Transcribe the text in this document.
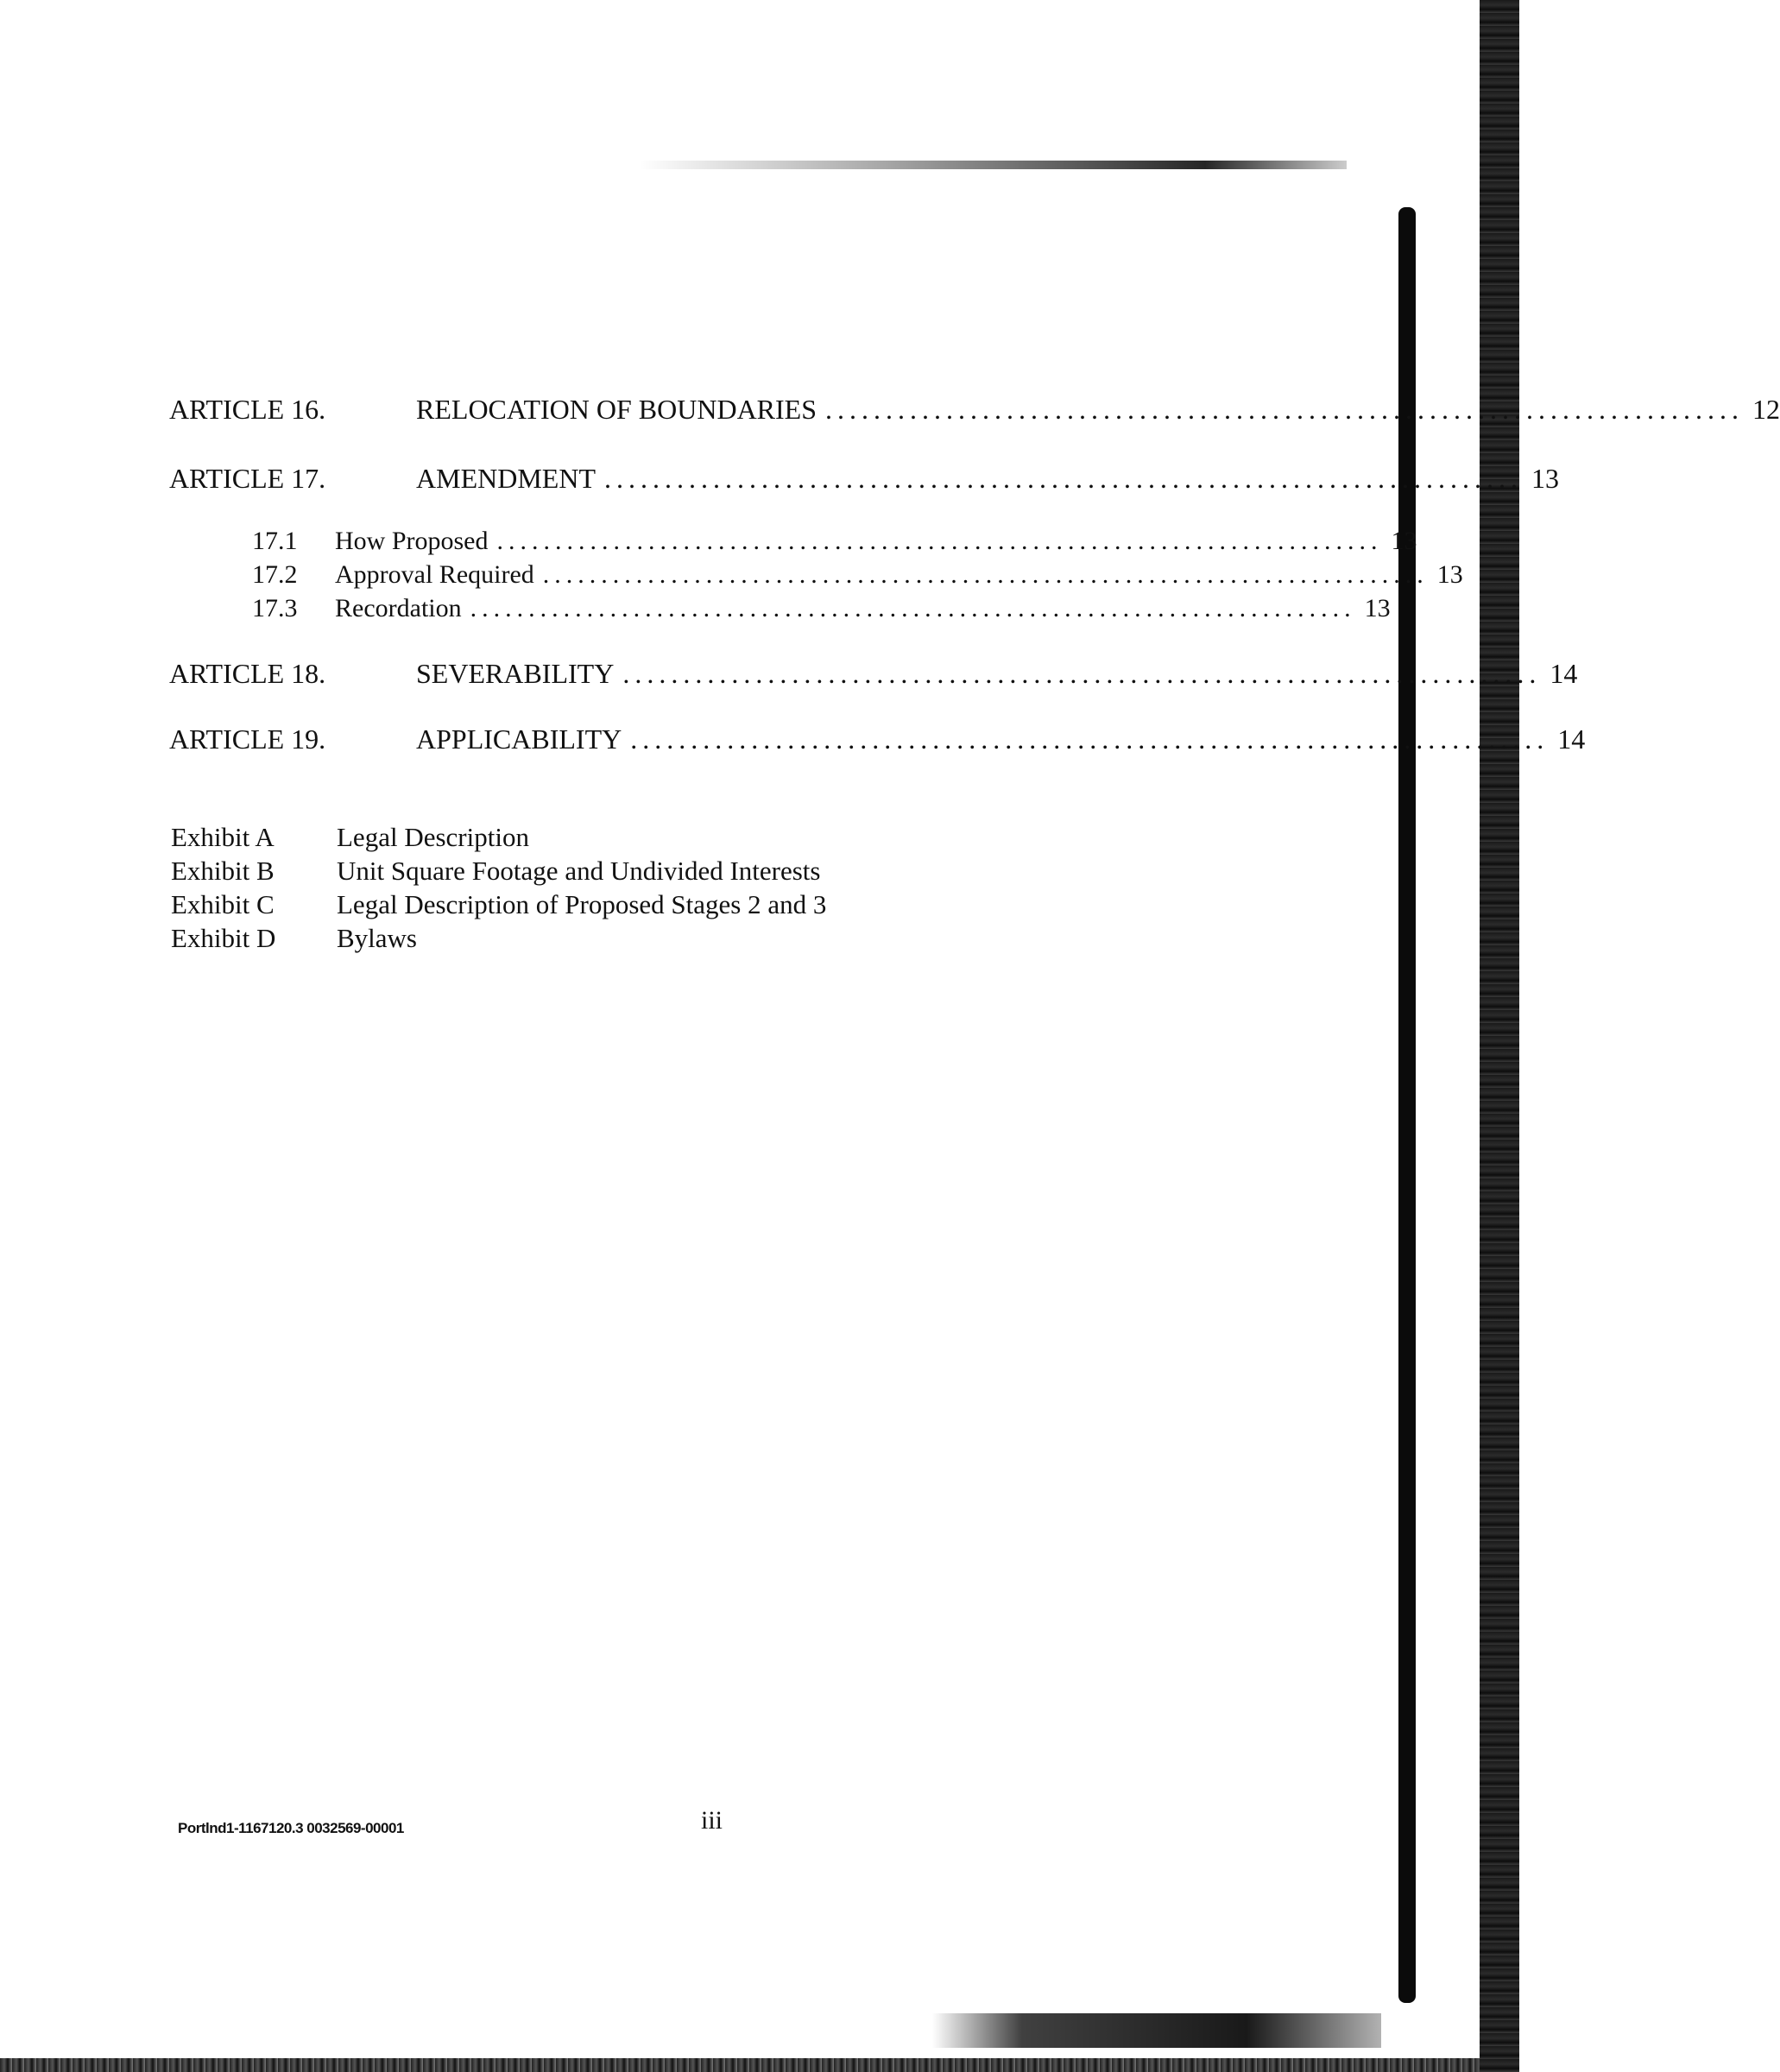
ARTICLE 16.	RELOCATION OF BOUNDARIES ............................................................................ 12
ARTICLE 17.	AMENDMENT ............................................................................ 13
17.1 How Proposed ............................................................................ 13
17.2 Approval Required ............................................................................ 13
17.3 Recordation ............................................................................ 13
ARTICLE 18.	SEVERABILITY ............................................................................ 14
ARTICLE 19.	APPLICABILITY ............................................................................ 14
Exhibit A Legal Description
Exhibit B Unit Square Footage and Undivided Interests
Exhibit C Legal Description of Proposed Stages 2 and 3
Exhibit D Bylaws
Portlnd1-1167120.3 0032569-00001	iii
